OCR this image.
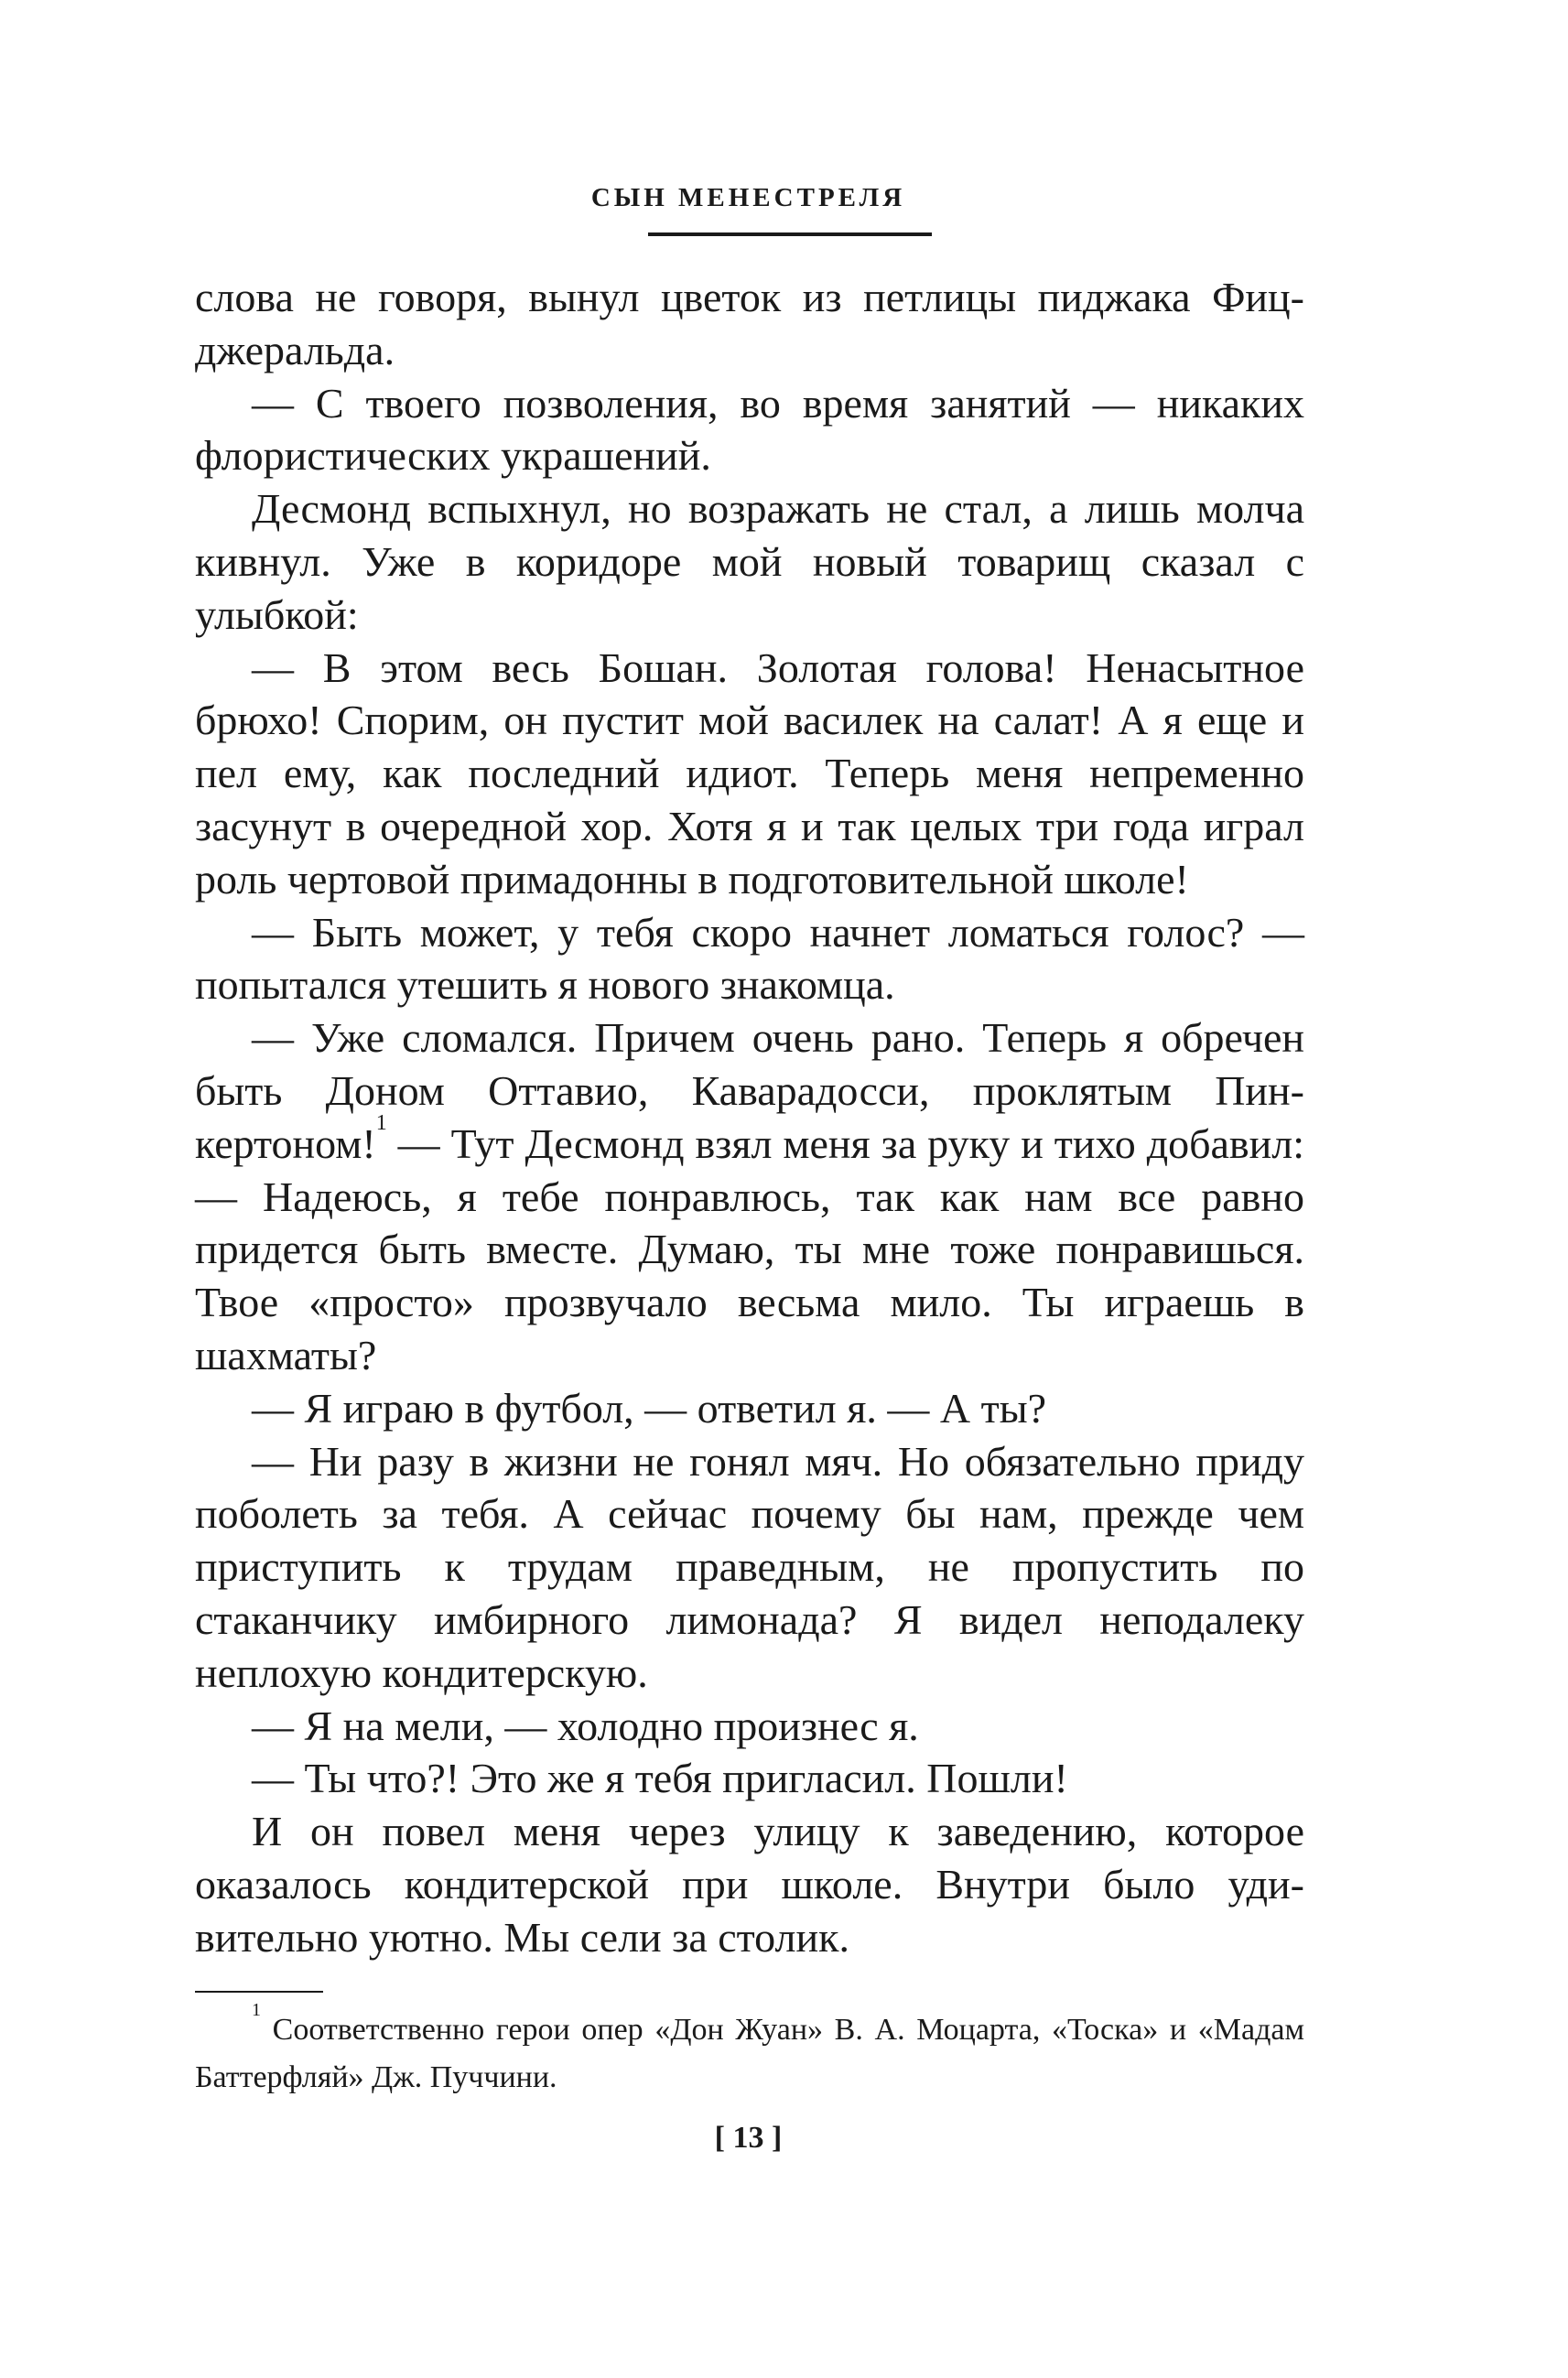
СЫН МЕНЕСТРЕЛЯ

слова не говоря, вынул цветок из петлицы пиджака Фицджеральда.

— С твоего позволения, во время занятий — никаких флористических украшений.

Десмонд вспыхнул, но возражать не стал, а лишь молча кивнул. Уже в коридоре мой новый товарищ сказал с улыбкой:

— В этом весь Бошан. Золотая голова! Ненасытное брюхо! Спорим, он пустит мой василек на салат! А я еще и пел ему, как последний идиот. Теперь меня непременно засунут в очередной хор. Хотя я и так целых три года играл роль чертовой примадонны в подготовительной школе!

— Быть может, у тебя скоро начнет ломаться голос? — попытался утешить я нового знакомца.

— Уже сломался. Причем очень рано. Теперь я обречен быть Доном Оттавио, Каварадосси, проклятым Пинкертоном!$^1$ — Тут Десмонд взял меня за руку и тихо добавил: — Надеюсь, я тебе понравлюсь, так как нам все равно придется быть вместе. Думаю, ты мне тоже понравишься. Твое «просто» прозвучало весьма мило. Ты играешь в шахматы?

— Я играю в футбол, — ответил я. — А ты?

— Ни разу в жизни не гонял мяч. Но обязательно приду поболеть за тебя. А сейчас почему бы нам, прежде чем приступить к трудам праведным, не пропустить по стаканчику имбирного лимонада? Я видел неподалеку неплохую кондитерскую.

— Я на мели, — холодно произнес я.

— Ты что?! Это же я тебя пригласил. Пошли!

И он повел меня через улицу к заведению, которое оказалось кондитерской при школе. Внутри было удивительно уютно. Мы сели за столик.

$^1$ Соответственно герои опер «Дон Жуан» В. А. Моцарта, «Тоска» и «Мадам Баттерфляй» Дж. Пуччини.

[ 13 ]
